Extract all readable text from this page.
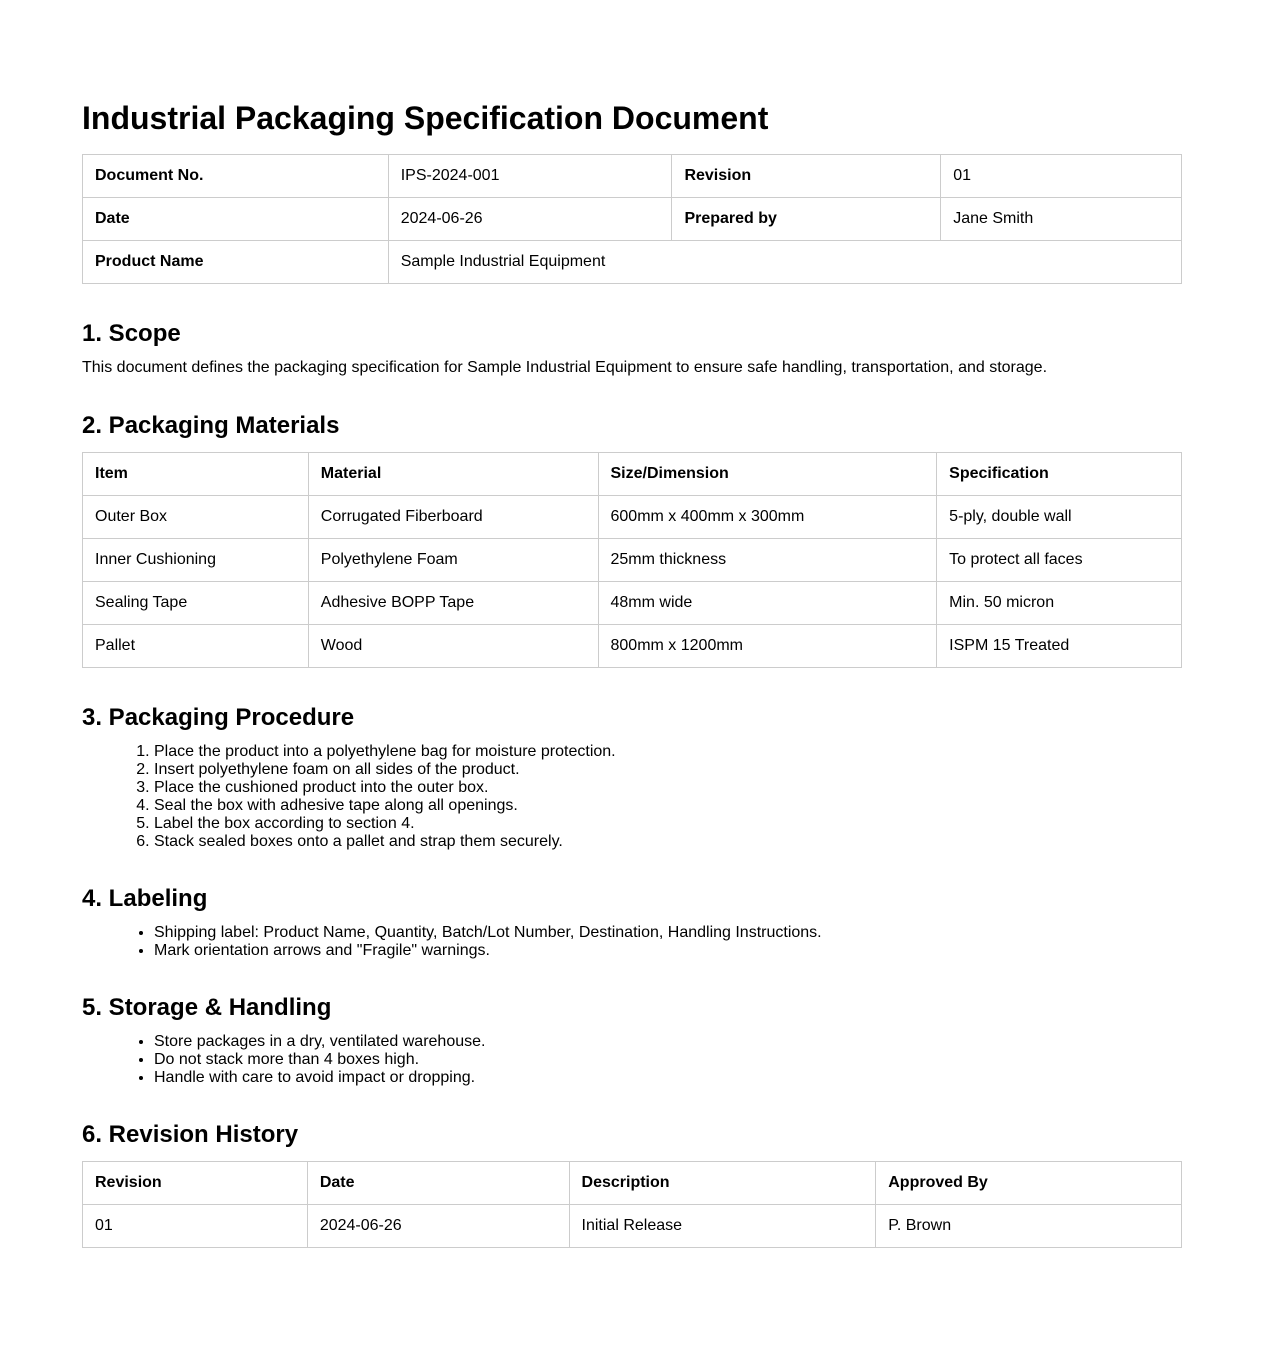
Industrial Packaging Specification Document
Document No.	IPS-2024-001	Revision	01
Date	2024-06-26	Prepared by	Jane Smith
Product Name	Sample Industrial Equipment		
1. Scope

This document defines the packaging specification for Sample Industrial Equipment to ensure safe handling, transportation, and storage.

2. Packaging Materials
Item	Material	Size/Dimension	Specification
Outer Box	Corrugated Fiberboard	600mm x 400mm x 300mm	5-ply, double wall
Inner Cushioning	Polyethylene Foam	25mm thickness	To protect all faces
Sealing Tape	Adhesive BOPP Tape	48mm wide	Min. 50 micron
Pallet	Wood	800mm x 1200mm	ISPM 15 Treated
3. Packaging Procedure
1. Place the product into a polyethylene bag for moisture protection.
2. Insert polyethylene foam on all sides of the product.
3. Place the cushioned product into the outer box.
4. Seal the box with adhesive tape along all openings.
5. Label the box according to section 4.
6. Stack sealed boxes onto a pallet and strap them securely.
4. Labeling
• Shipping label: Product Name, Quantity, Batch/Lot Number, Destination, Handling Instructions.
• Mark orientation arrows and "Fragile" warnings.
5. Storage & Handling
• Store packages in a dry, ventilated warehouse.
• Do not stack more than 4 boxes high.
• Handle with care to avoid impact or dropping.
6. Revision History
Revision	Date	Description	Approved By
01	2024-06-26	Initial Release	P. Brown
